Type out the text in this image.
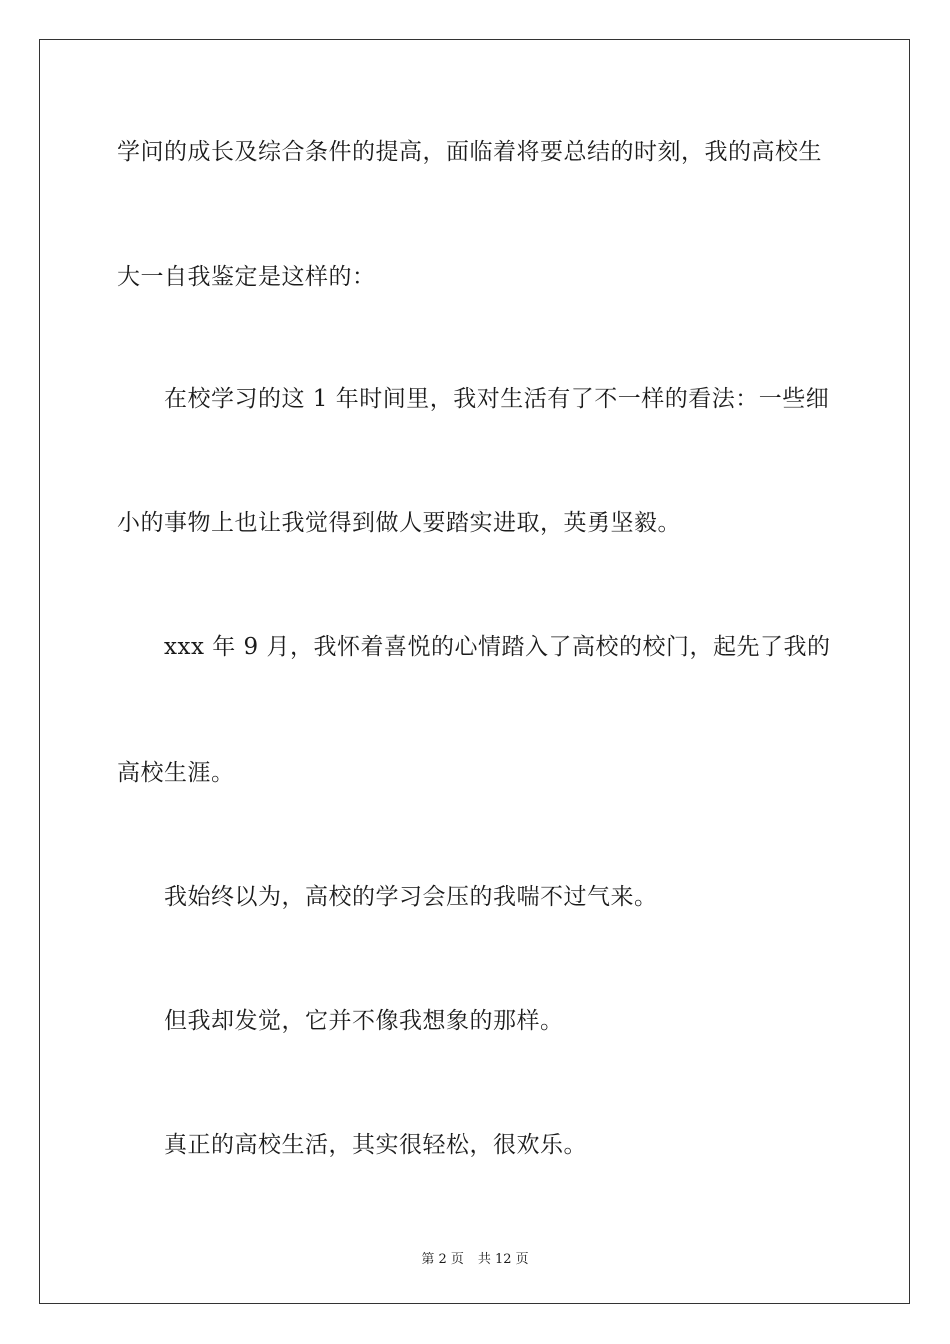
学问的成长及综合条件的提高，面临着将要总结的时刻，我的高校生
大一自我鉴定是这样的：
在校学习的这 1 年时间里，我对生活有了不一样的看法：一些细
小的事物上也让我觉得到做人要踏实进取，英勇坚毅。
xxx 年 9 月，我怀着喜悦的心情踏入了高校的校门，起先了我的
高校生涯。
我始终以为，高校的学习会压的我喘不过气来。
但我却发觉，它并不像我想象的那样。
真正的高校生活，其实很轻松，很欢乐。
第 2 页 共 12 页
